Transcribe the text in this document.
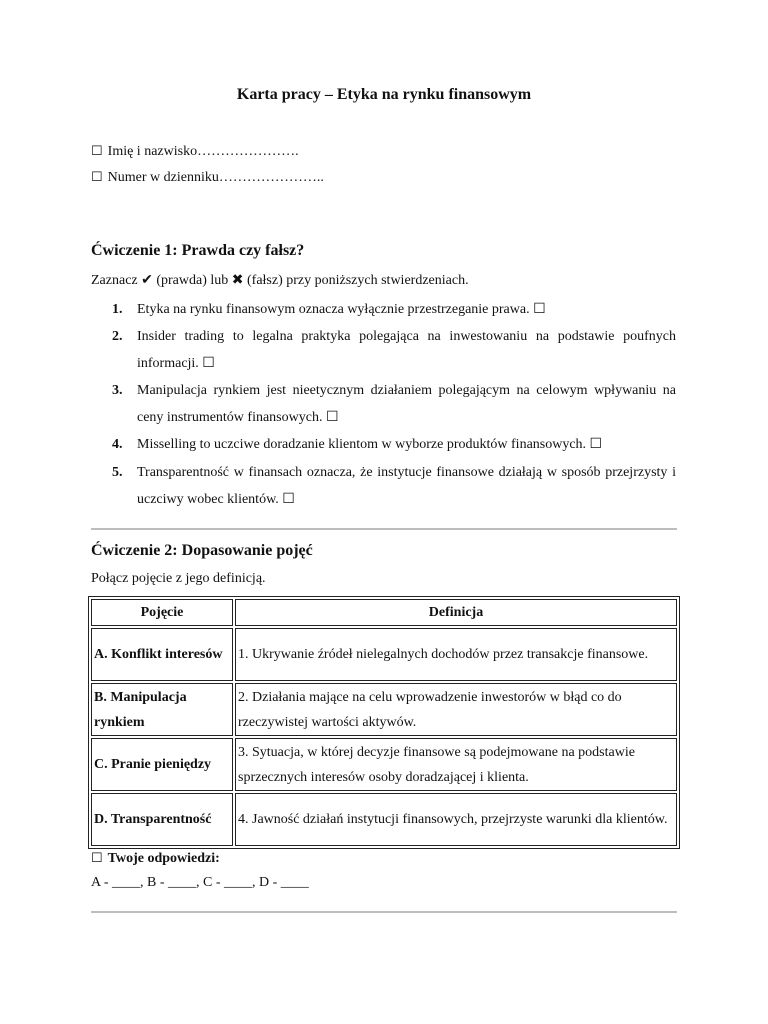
Karta pracy – Etyka na rynku finansowym
☐ Imię i nazwisko………………….
☐ Numer w dzienniku…………………..
Ćwiczenie 1: Prawda czy fałsz?
Zaznacz ✔ (prawda) lub ✖ (fałsz) przy poniższych stwierdzeniach.
1. Etyka na rynku finansowym oznacza wyłącznie przestrzeganie prawa. ☐
2. Insider trading to legalna praktyka polegająca na inwestowaniu na podstawie poufnych informacji. ☐
3. Manipulacja rynkiem jest nieetycznym działaniem polegającym na celowym wpływaniu na ceny instrumentów finansowych. ☐
4. Misselling to uczciwe doradzanie klientom w wyborze produktów finansowych. ☐
5. Transparentność w finansach oznacza, że instytucje finansowe działają w sposób przejrzysty i uczciwy wobec klientów. ☐
Ćwiczenie 2: Dopasowanie pojęć
Połącz pojęcie z jego definicją.
Pojęcie	Definicja
A. Konflikt interesów	1. Ukrywanie źródeł nielegalnych dochodów przez transakcje finansowe.
B. Manipulacja rynkiem	2. Działania mające na celu wprowadzenie inwestorów w błąd co do rzeczywistej wartości aktywów.
C. Pranie pieniędzy	3. Sytuacja, w której decyzje finansowe są podejmowane na podstawie sprzecznych interesów osoby doradzającej i klienta.
D. Transparentność	4. Jawność działań instytucji finansowych, przejrzyste warunki dla klientów.
☐ Twoje odpowiedzi:
A - ____, B - ____, C - ____, D - ____
